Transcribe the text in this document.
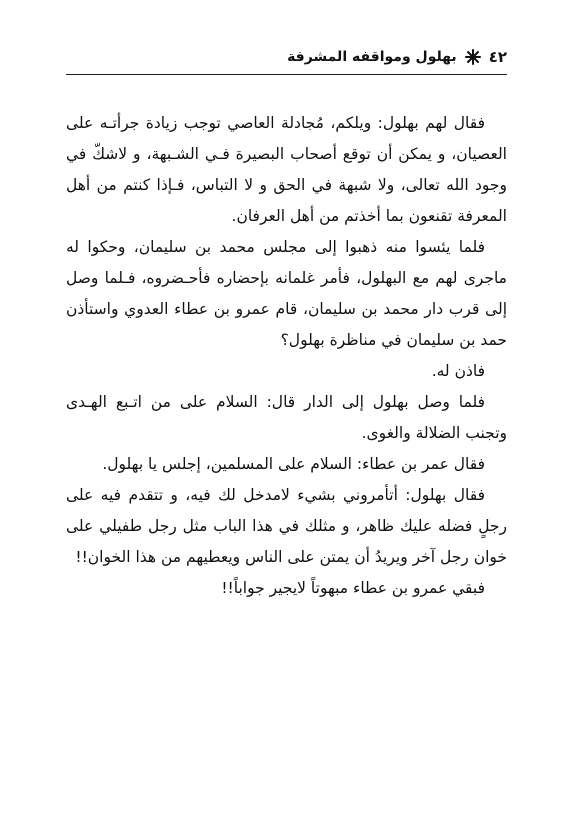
٤٢
بهلول ومواقفه المشرفة

فقال لهم بهلول: ويلكم، مُجادلة العاصي توجب زيادة جرأتـه على العصيان، و يمكن أن توقع أصحاب البصيرة فـي الشـبهة، و لاشكّ في وجود الله تعالى، ولا شبهة في الحق و لا التباس، فـإذا كنتم من أهل المعرفة تقنعون بما أخذتم من أهل العرفان.

فلما يئسوا منه ذهبوا إلى مجلس محمد بن سليمان، وحكوا له ماجرى لهم مع البهلول، فأمر غلمانه بإحضاره فأحـضروه، فـلما وصل إلى قرب دار محمد بن سليمان، قام عمرو بن عطاء العدوي واستأذن حمد بن سليمان في مناظرة بهلول؟

فاذن له.

فلما وصل بهلول إلى الدار قال: السلام على من اتـبع الهـدى وتجنب الضلالة والغوى.

فقال عمر بن عطاء: السلام على المسلمين، إجلس يا بهلول.

فقال بهلول: أتأمروني بشيء لامدخل لك فيه، و تتقدم فيه على رجلٍ فضله عليك ظاهر، و مثلك في هذا الباب مثل رجل طفيلي على خوان رجل آخر ويريدُ أن يمتن على الناس ويعطيهم من هذا الخوان!!

فبقي عمرو بن عطاء مبهوتاً لايجير جواباً!!
